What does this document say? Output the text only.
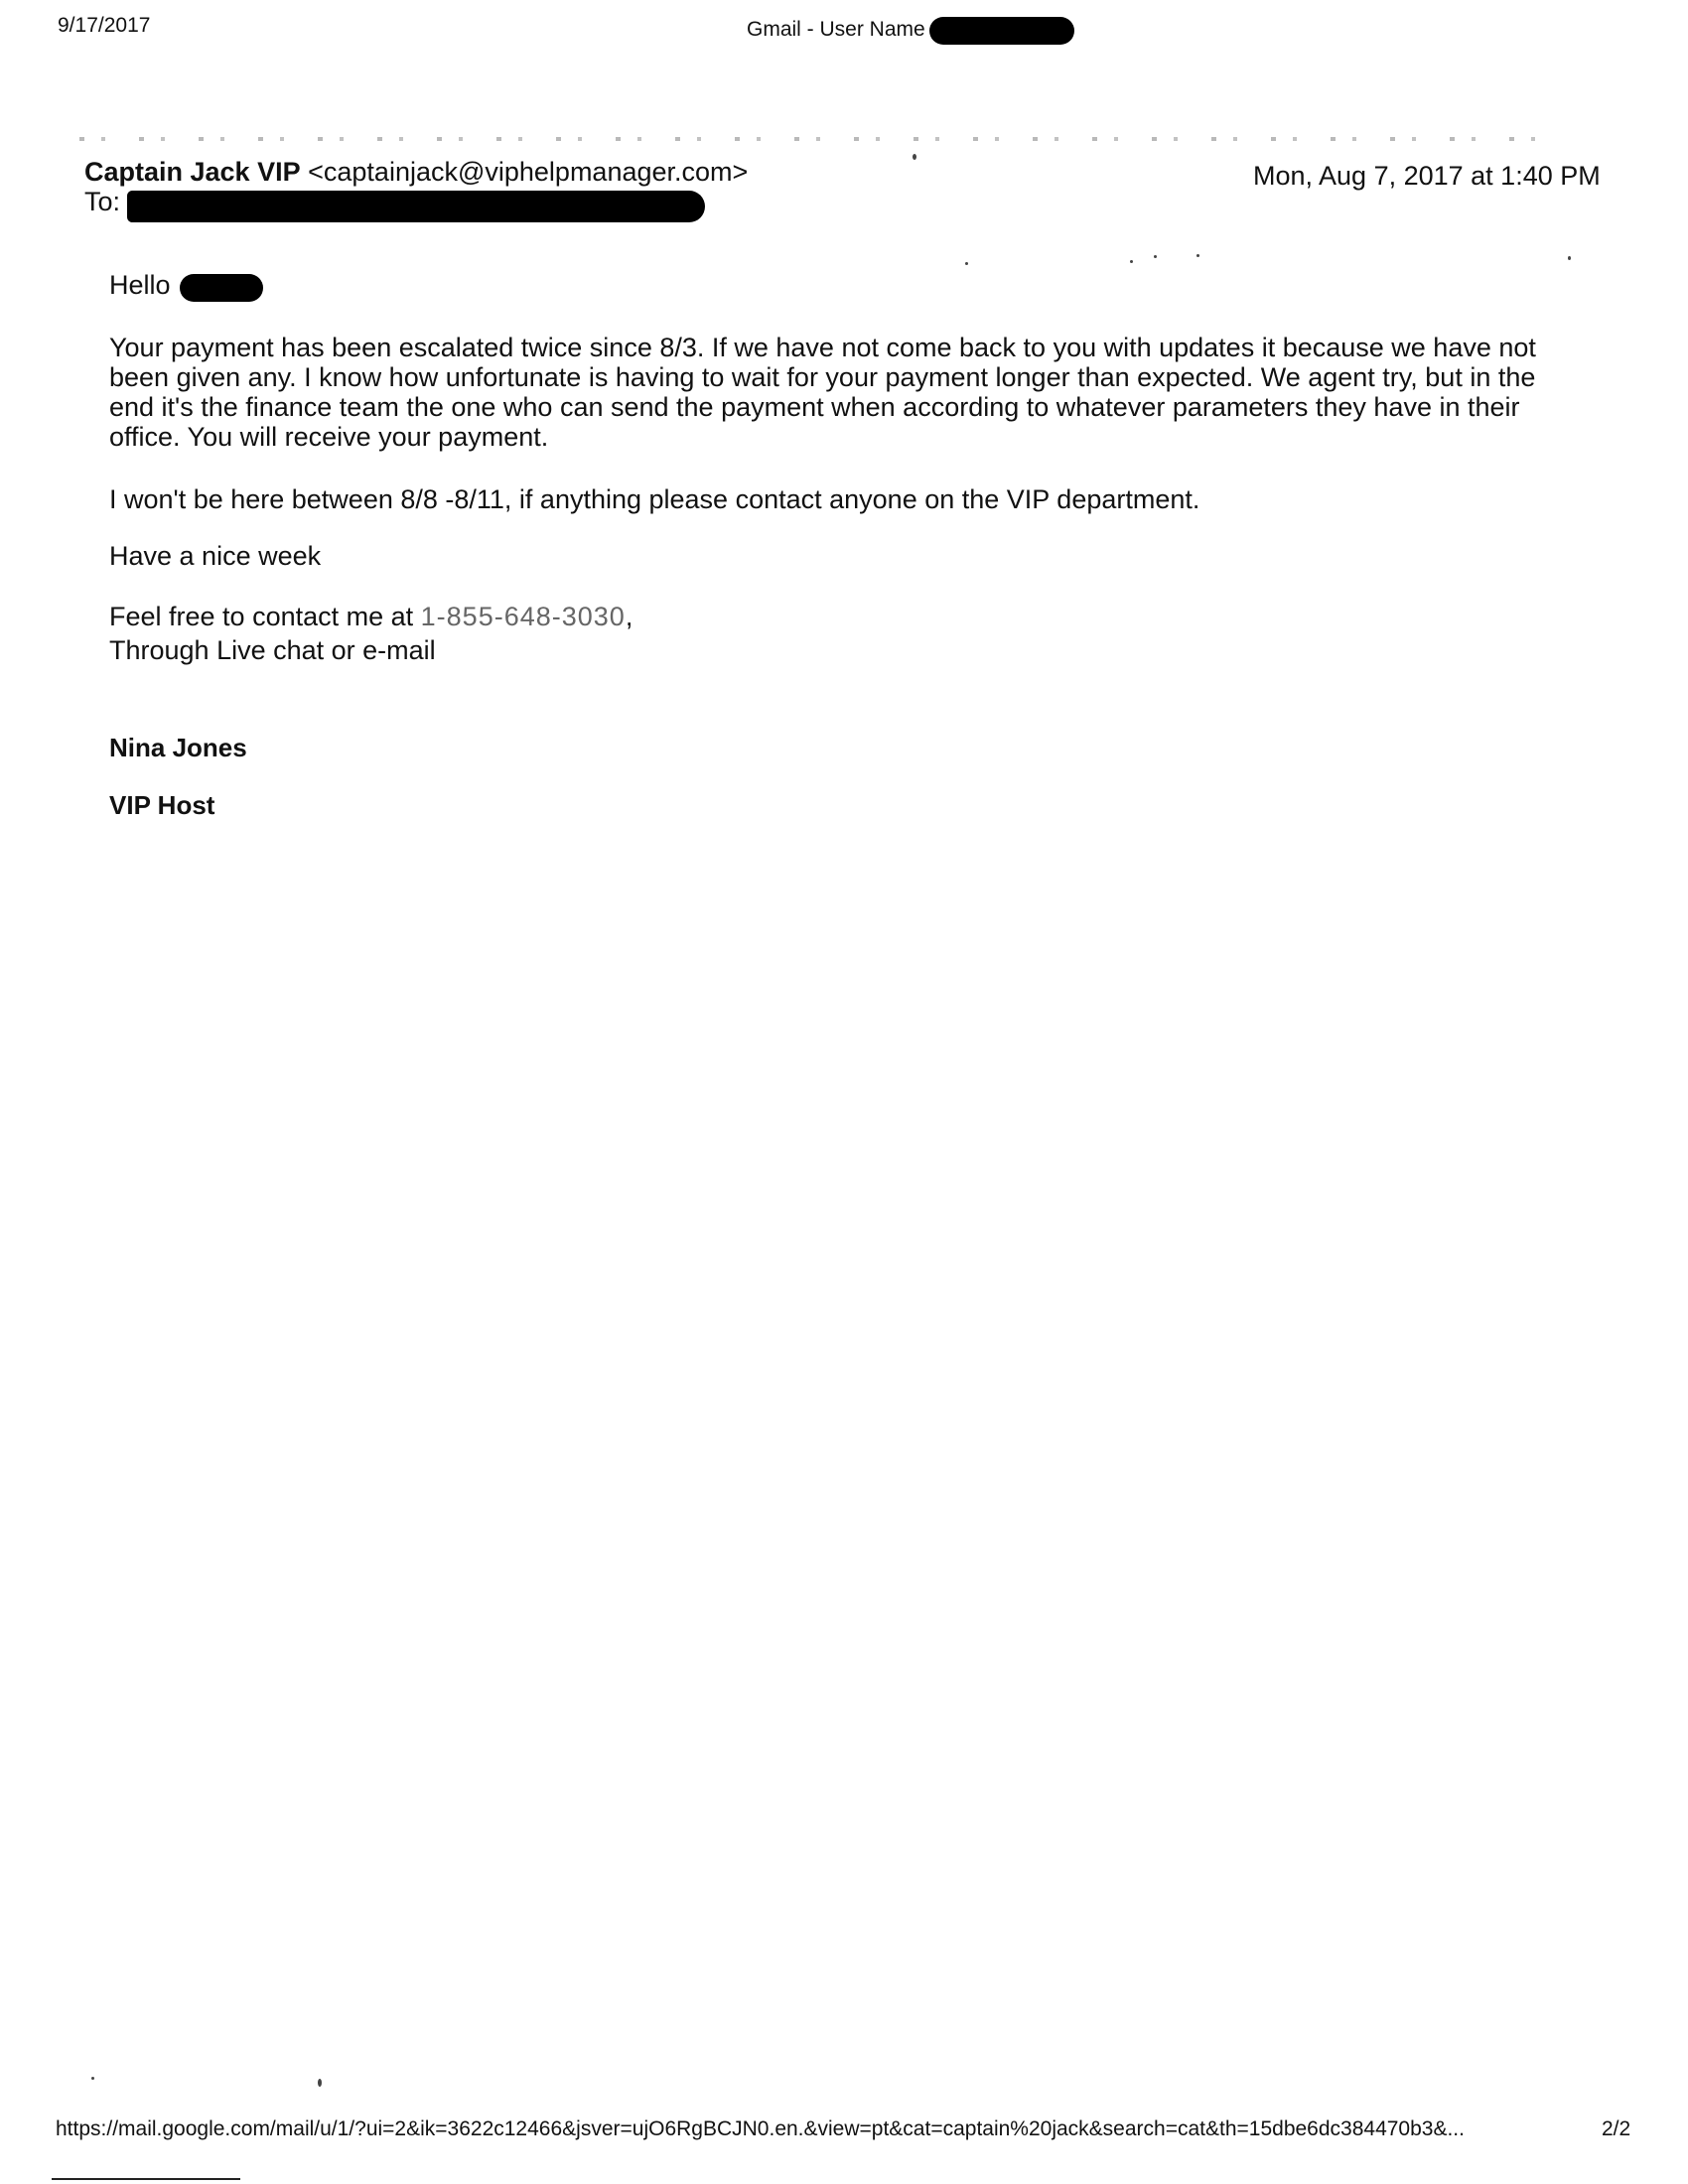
9/17/2017	Gmail - User Name
Captain Jack VIP <captainjack@viphelpmanager.com>
To:
Mon, Aug 7, 2017 at 1:40 PM
Hello
Your payment has been escalated twice since 8/3. If we have not come back to you with updates it because we have not
been given any. I know how unfortunate is having to wait for your payment longer than expected. We agent try, but in the
end it's the finance team the one who can send the payment when according to whatever parameters they have in their
office. You will receive your payment.
I won't be here between 8/8 -8/11, if anything please contact anyone on the VIP department.
Have a nice week
Feel free to contact me at 1-855-648-3030,
Through Live chat or e-mail
Nina Jones
VIP Host
https://mail.google.com/mail/u/1/?ui=2&ik=3622c12466&jsver=ujO6RgBCJN0.en.&view=pt&cat=captain%20jack&search=cat&th=15dbe6dc384470b3&...	2/2
